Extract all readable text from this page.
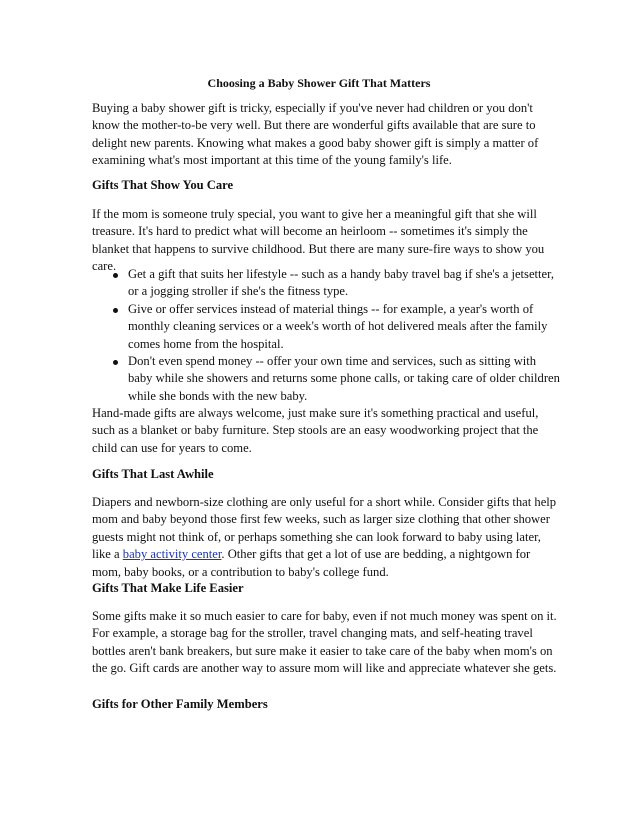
Choosing a Baby Shower Gift That Matters

Buying a baby shower gift is tricky, especially if you've never had children or you don't know the mother-to-be very well. But there are wonderful gifts available that are sure to delight new parents. Knowing what makes a good baby shower gift is simply a matter of examining what's most important at this time of the young family's life.

Gifts That Show You Care

If the mom is someone truly special, you want to give her a meaningful gift that she will treasure. It's hard to predict what will become an heirloom -- sometimes it's simply the blanket that happens to survive childhood. But there are many sure-fire ways to show you care.

Get a gift that suits her lifestyle -- such as a handy baby travel bag if she's a jetsetter, or a jogging stroller if she's the fitness type.
Give or offer services instead of material things -- for example, a year's worth of monthly cleaning services or a week's worth of hot delivered meals after the family comes home from the hospital.
Don't even spend money -- offer your own time and services, such as sitting with baby while she showers and returns some phone calls, or taking care of older children while she bonds with the new baby.

Hand-made gifts are always welcome, just make sure it's something practical and useful, such as a blanket or baby furniture. Step stools are an easy woodworking project that the child can use for years to come.

Gifts That Last Awhile

Diapers and newborn-size clothing are only useful for a short while. Consider gifts that help mom and baby beyond those first few weeks, such as larger size clothing that other shower guests might not think of, or perhaps something she can look forward to baby using later, like a baby activity center. Other gifts that get a lot of use are bedding, a nightgown for mom, baby books, or a contribution to baby's college fund.

Gifts That Make Life Easier

Some gifts make it so much easier to care for baby, even if not much money was spent on it. For example, a storage bag for the stroller, travel changing mats, and self-heating travel bottles aren't bank breakers, but sure make it easier to take care of the baby when mom's on the go. Gift cards are another way to assure mom will like and appreciate whatever she gets.

Gifts for Other Family Members
